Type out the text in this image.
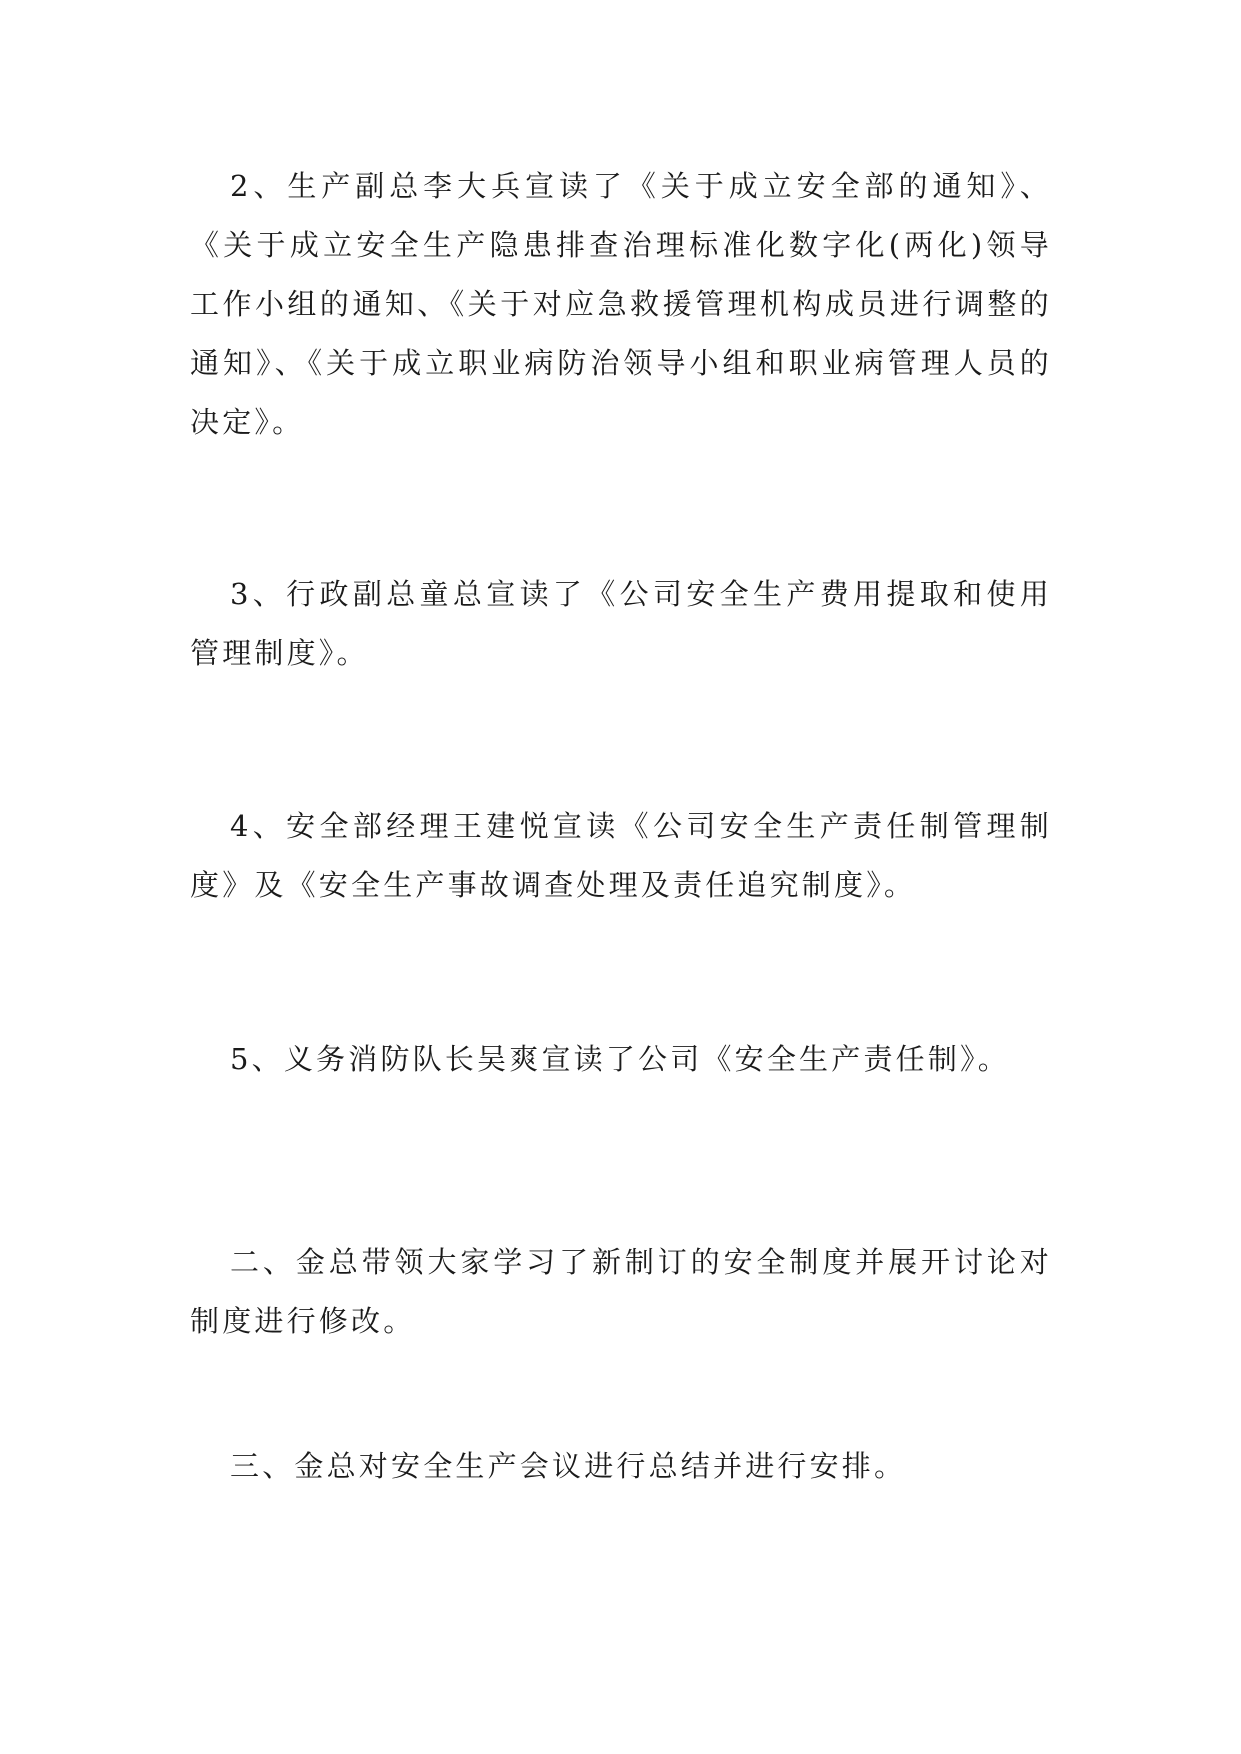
2、生产副总李大兵宣读了《关于成立安全部的通知》、《关于成立安全生产隐患排查治理标准化数字化(两化)领导工作小组的通知、《关于对应急救援管理机构成员进行调整的通知》、《关于成立职业病防治领导小组和职业病管理人员的决定》。

3、行政副总童总宣读了《公司安全生产费用提取和使用管理制度》。

4、安全部经理王建悦宣读《公司安全生产责任制管理制度》及《安全生产事故调查处理及责任追究制度》。

5、义务消防队长吴爽宣读了公司《安全生产责任制》。

二、金总带领大家学习了新制订的安全制度并展开讨论对制度进行修改。

三、金总对安全生产会议进行总结并进行安排。
